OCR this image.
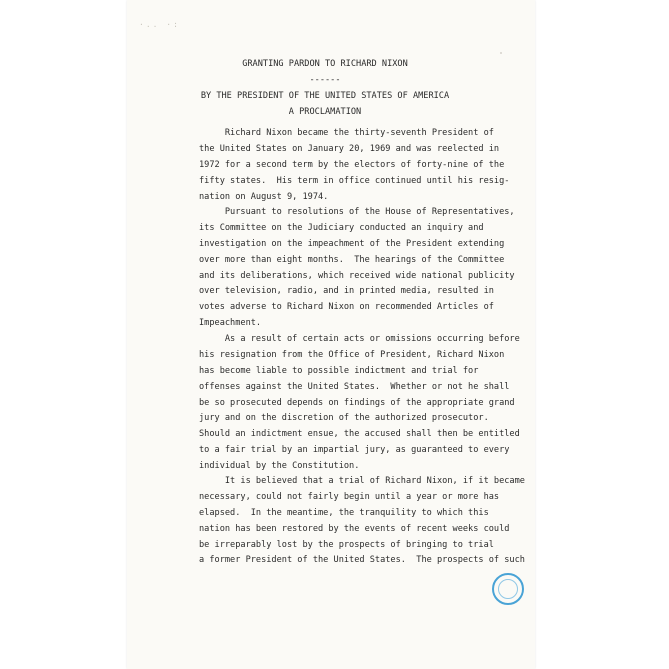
·.. ·:
GRANTING PARDON TO RICHARD NIXON
------
BY THE PRESIDENT OF THE UNITED STATES OF AMERICA
A PROCLAMATION
Richard Nixon became the thirty-seventh President of
the United States on January 20, 1969 and was reelected in
1972 for a second term by the electors of forty-nine of the
fifty states.  His term in office continued until his resig-
nation on August 9, 1974.
Pursuant to resolutions of the House of Representatives,
its Committee on the Judiciary conducted an inquiry and
investigation on the impeachment of the President extending
over more than eight months.  The hearings of the Committee
and its deliberations, which received wide national publicity
over television, radio, and in printed media, resulted in
votes adverse to Richard Nixon on recommended Articles of
Impeachment.
As a result of certain acts or omissions occurring before
his resignation from the Office of President, Richard Nixon
has become liable to possible indictment and trial for
offenses against the United States.  Whether or not he shall
be so prosecuted depends on findings of the appropriate grand
jury and on the discretion of the authorized prosecutor.
Should an indictment ensue, the accused shall then be entitled
to a fair trial by an impartial jury, as guaranteed to every
individual by the Constitution.
It is believed that a trial of Richard Nixon, if it became
necessary, could not fairly begin until a year or more has
elapsed.  In the meantime, the tranquility to which this
nation has been restored by the events of recent weeks could
be irreparably lost by the prospects of bringing to trial
a former President of the United States.  The prospects of such
